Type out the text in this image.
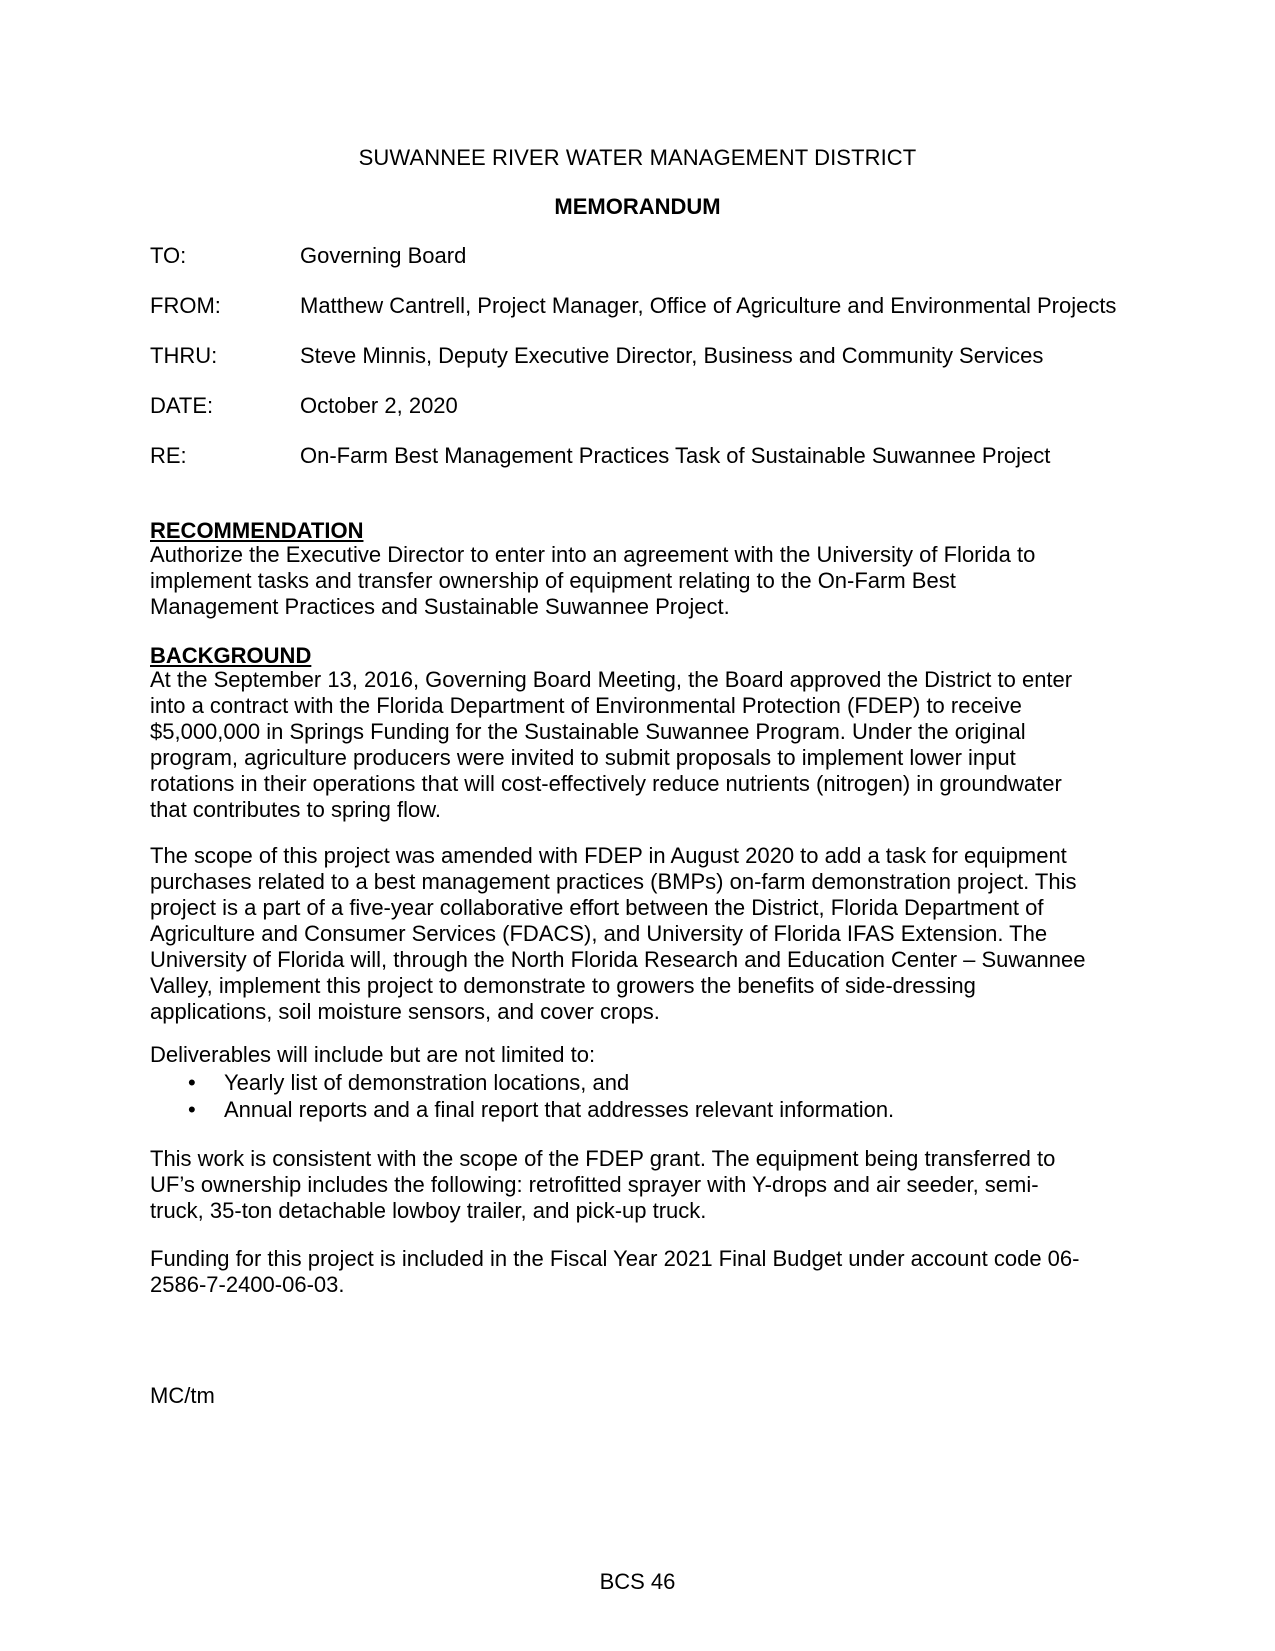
SUWANNEE RIVER WATER MANAGEMENT DISTRICT
MEMORANDUM
TO:	Governing Board
FROM:	Matthew Cantrell, Project Manager, Office of Agriculture and Environmental Projects
THRU:	Steve Minnis, Deputy Executive Director, Business and Community Services
DATE:	October 2, 2020
RE:	On-Farm Best Management Practices Task of Sustainable Suwannee Project
RECOMMENDATION
Authorize the Executive Director to enter into an agreement with the University of Florida to
implement tasks and transfer ownership of equipment relating to the On-Farm Best
Management Practices and Sustainable Suwannee Project.
BACKGROUND
At the September 13, 2016, Governing Board Meeting, the Board approved the District to enter
into a contract with the Florida Department of Environmental Protection (FDEP) to receive
$5,000,000 in Springs Funding for the Sustainable Suwannee Program. Under the original
program, agriculture producers were invited to submit proposals to implement lower input
rotations in their operations that will cost-effectively reduce nutrients (nitrogen) in groundwater
that contributes to spring flow.
The scope of this project was amended with FDEP in August 2020 to add a task for equipment
purchases related to a best management practices (BMPs) on-farm demonstration project. This
project is a part of a five-year collaborative effort between the District, Florida Department of
Agriculture and Consumer Services (FDACS), and University of Florida IFAS Extension. The
University of Florida will, through the North Florida Research and Education Center – Suwannee
Valley, implement this project to demonstrate to growers the benefits of side-dressing
applications, soil moisture sensors, and cover crops.
Deliverables will include but are not limited to:
• Yearly list of demonstration locations, and
• Annual reports and a final report that addresses relevant information.
This work is consistent with the scope of the FDEP grant. The equipment being transferred to
UF’s ownership includes the following: retrofitted sprayer with Y-drops and air seeder, semi-
truck, 35-ton detachable lowboy trailer, and pick-up truck.
Funding for this project is included in the Fiscal Year 2021 Final Budget under account code 06-
2586-7-2400-06-03.
MC/tm
BCS 46
